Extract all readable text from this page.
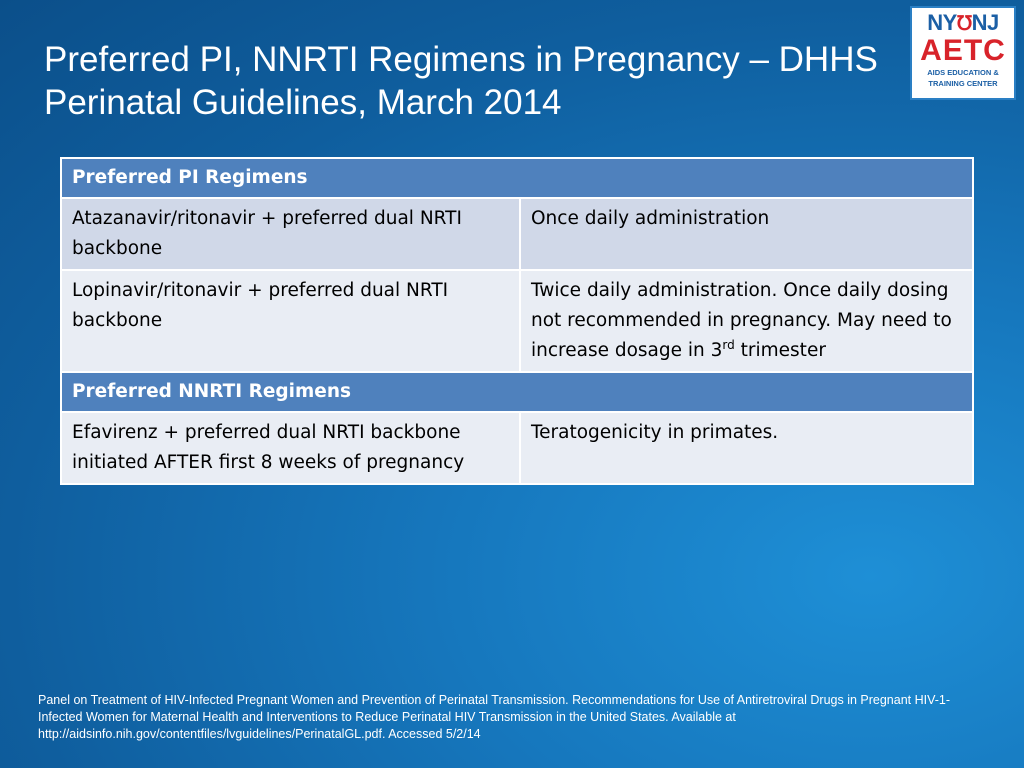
Preferred PI, NNRTI Regimens in Pregnancy – DHHS Perinatal Guidelines, March 2014
NY℧NJ
AETC
AIDS EDUCATION &
TRAINING CENTER
Preferred PI Regimens	
Atazanavir/ritonavir + preferred dual NRTI backbone	Once daily administration
Lopinavir/ritonavir + preferred dual NRTI backbone	Twice daily administration. Once daily dosing not recommended in pregnancy. May need to increase dosage in 3rd trimester
Preferred NNRTI Regimens	
Efavirenz + preferred dual NRTI backbone initiated AFTER first 8 weeks of pregnancy	Teratogenicity in primates.

Panel on Treatment of HIV-Infected Pregnant Women and Prevention of Perinatal Transmission. Recommendations for Use of Antiretroviral Drugs in Pregnant HIV-1-Infected Women for Maternal Health and Interventions to Reduce Perinatal HIV Transmission in the United States. Available at http://aidsinfo.nih.gov/contentfiles/lvguidelines/PerinatalGL.pdf. Accessed 5/2/14
